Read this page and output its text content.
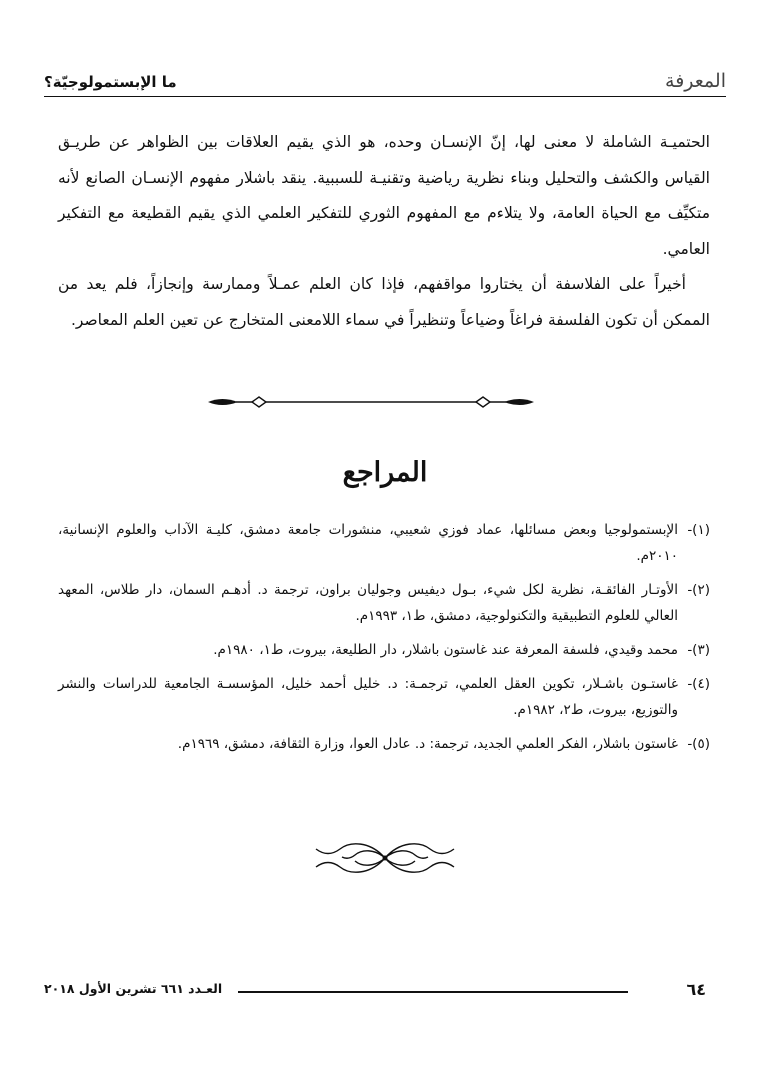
المعرفة
ما الإبستمولوجيّة؟

الحتميـة الشاملة لا معنى لها، إنّ الإنسـان وحده، هو الذي يقيم العلاقات بين الظواهر عن طريـق القياس والكشف والتحليل وبناء نظرية رياضية وتقنيـة للسببية. ينقد باشلار مفهوم الإنسـان الصانع لأنه متكيِّف مع الحياة العامة، ولا يتلاءم مع المفهوم الثوري للتفكير العلمي الذي يقيم القطيعة مع التفكير العامي.

أخيراً على الفلاسفة أن يختاروا مواقفهم، فإذا كان العلم عمـلاً وممارسة وإنجازاً، فلم يعد من الممكن أن تكون الفلسفة فراغاً وضياعاً وتنظيراً في سماء اللامعنى المتخارج عن تعين العلم المعاصر.

المراجع
(١)-
الإبستمولوجيا وبعض مسائلها، عماد فوزي شعيبي، منشورات جامعة دمشق، كليـة الآداب والعلوم الإنسانية، ٢٠١٠م.
(٢)-
الأوتـار الفائقـة، نظرية لكل شيء، بـول ديفيس وجوليان براون، ترجمة د. أدهـم السمان، دار طلاس، المعهد العالي للعلوم التطبيقية والتكنولوجية، دمشق، ط١، ١٩٩٣م.
(٣)-
محمد وقيدي، فلسفة المعرفة عند غاستون باشلار، دار الطليعة، بيروت، ط١، ١٩٨٠م.
(٤)-
غاستـون باشـلار، تكوين العقل العلمي، ترجمـة: د. خليل أحمد خليل، المؤسسـة الجامعية للدراسات والنشر والتوزيع، بيروت، ط٢، ١٩٨٢م.
(٥)-
غاستون باشلار، الفكر العلمي الجديد، ترجمة: د. عادل العوا، وزارة الثقافة، دمشق، ١٩٦٩م.
٦٤
العـدد ٦٦١ تشرين الأول ٢٠١٨
